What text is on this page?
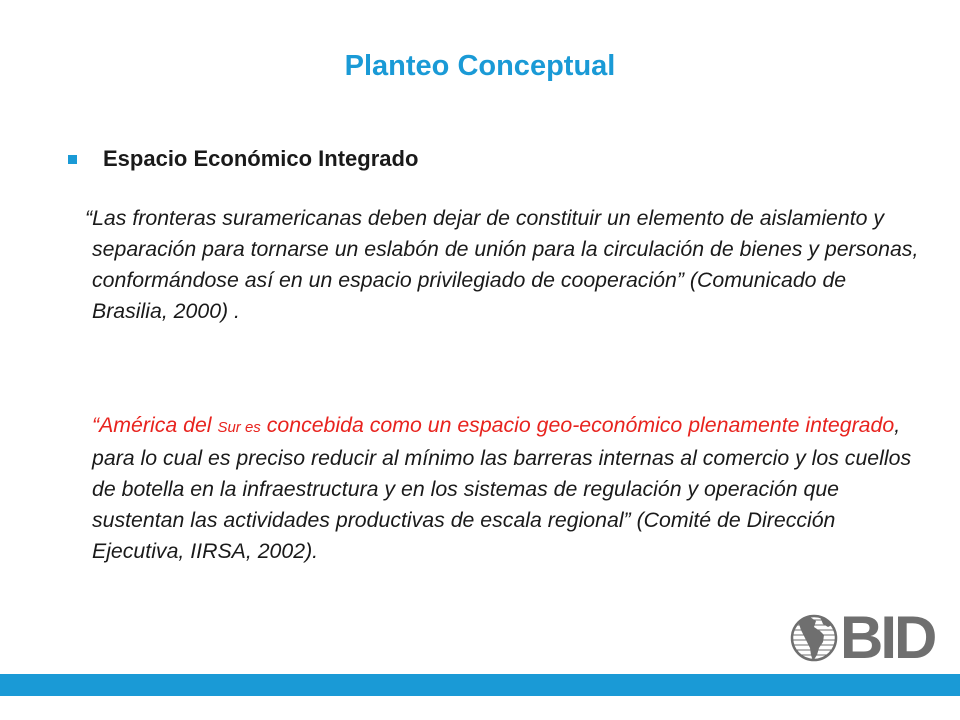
Planteo Conceptual
Espacio Económico Integrado

“Las fronteras suramericanas deben dejar de constituir un elemento de aislamiento y separación para tornarse un eslabón de unión para la circulación de bienes y personas, conformándose así en un espacio privilegiado de cooperación” (Comunicado de Brasilia, 2000) .

“América del Sur es concebida como un espacio geo-económico plenamente integrado, para lo cual es preciso reducir al mínimo las barreras internas al comercio y los cuellos de botella en la infraestructura y en los sistemas de regulación y operación que sustentan las actividades productivas de escala regional” (Comité de Dirección Ejecutiva, IIRSA, 2002).

BID
